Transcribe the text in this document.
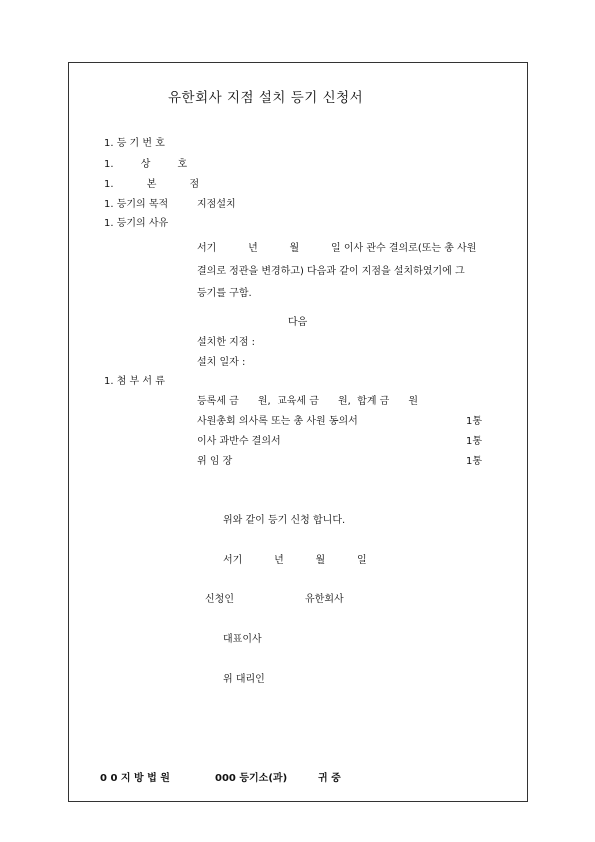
유한회사 지점 설치 등기 신청서
1. 등 기 번 호
1. 상 호
1. 본 점
1. 등기의 목적	지점설치
1. 등기의 사유
서기          년          월          일 이사 관수 결의로(또는 총 사원
결의로 정관을 변경하고) 다음과 같이 지점을 설치하였기에 그
등기를 구함.
다음
설치한 지점 :
설치 일자 :
1. 첨 부 서 류
등록세 금      원,  교육세 금      원,  합계 금      원
사원총회 의사록 또는 총 사원 동의서	1통
이사 과반수 결의서	1통
위 임 장	1통
위와 같이 등기 신청 합니다.
서기          년          월          일
신청인	유한회사
대표이사
위 대리인
0 0 지 방 법 원	000 등기소(과)	귀 중
